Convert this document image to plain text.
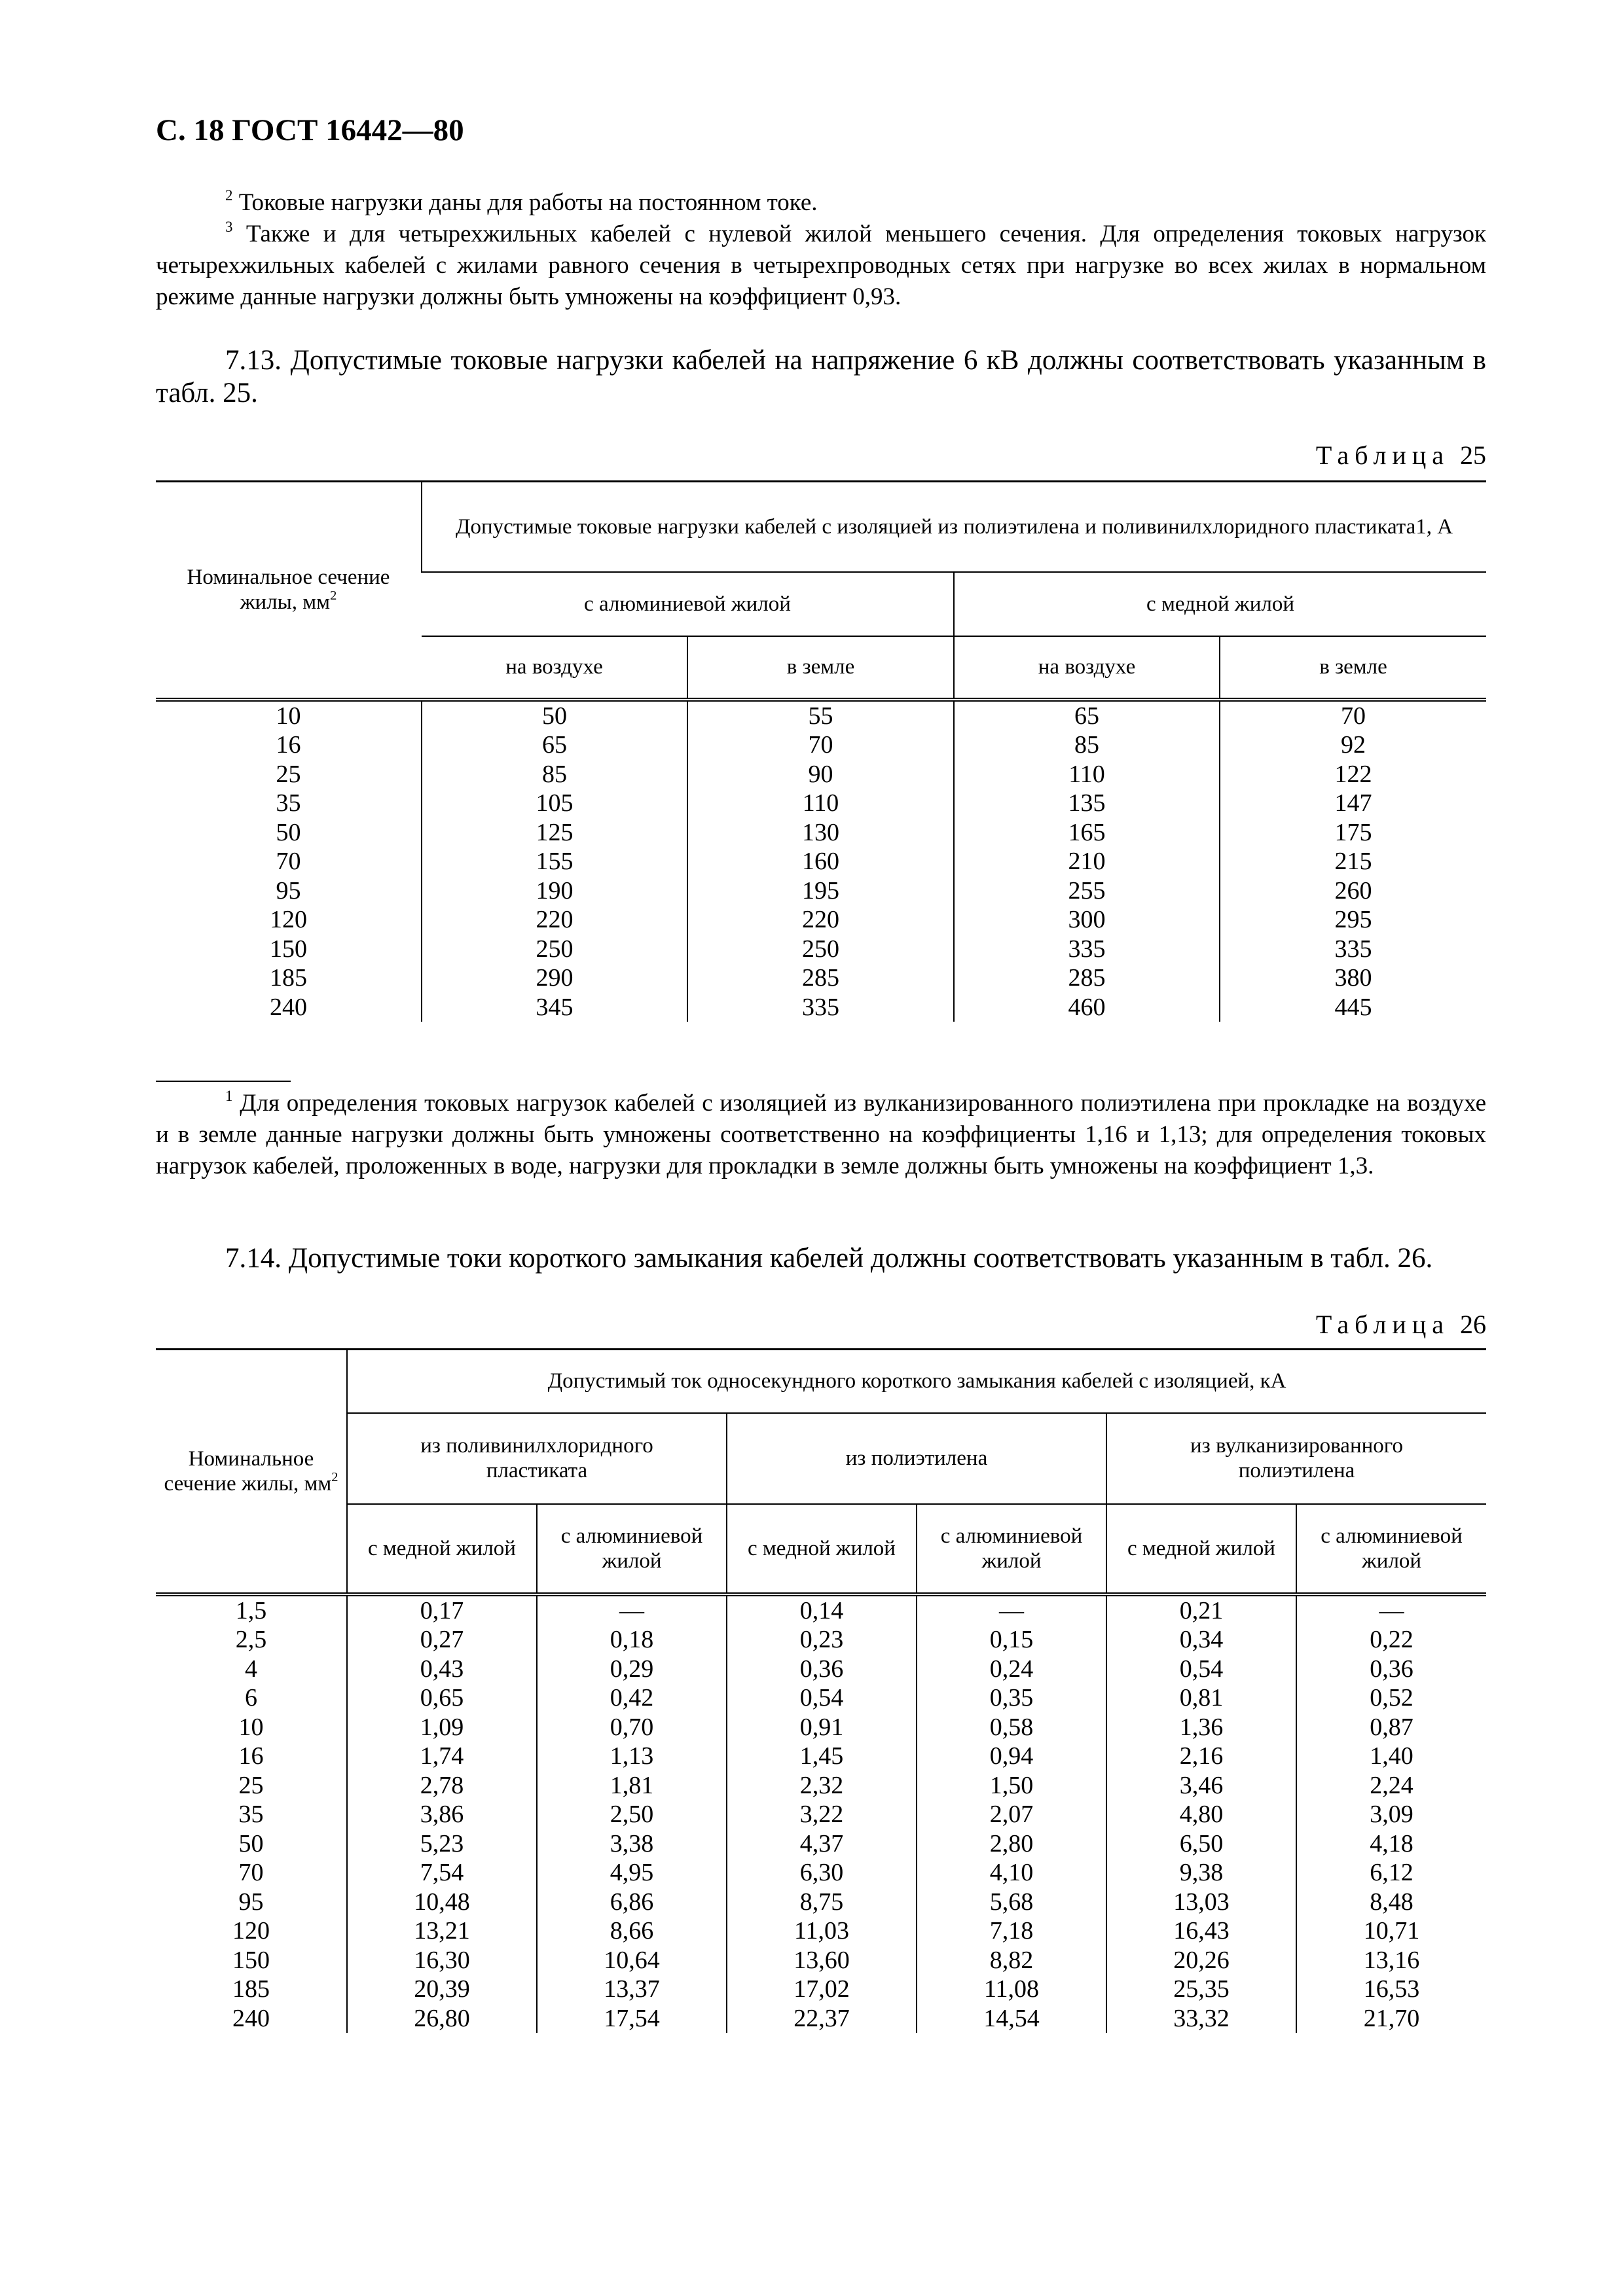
С. 18 ГОСТ 16442—80

$^2$ Токовые нагрузки даны для работы на постоянном токе.

$^3$ Также и для четырехжильных кабелей с нулевой жилой меньшего сечения. Для определения токовых нагрузок четырехжильных кабелей с жилами равного сечения в четырехпроводных сетях при нагрузке во всех жилах в нормальном режиме данные нагрузки должны быть умножены на коэффициент 0,93.

7.13. Допустимые токовые нагрузки кабелей на напряжение 6 кВ должны соответствовать указанным в табл. 25.

Таблица 25
Номинальное сечение жилы, $мм^2$	Допустимые токовые нагрузки кабелей с изоляцией из полиэтилена и поливинилхлоридного пластиката1, А			
	с алюминиевой жилой		с медной жилой	
	на воздухе	в земле	на воздухе	в земле
10	50	55	65	70
16	65	70	85	92
25	85	90	110	122
35	105	110	135	147
50	125	130	165	175
70	155	160	210	215
95	190	195	255	260
120	220	220	300	295
150	250	250	335	335
185	290	285	285	380
240	345	335	460	445

$^1$ Для определения токовых нагрузок кабелей с изоляцией из вулканизированного полиэтилена при прокладке на воздухе и в земле данные нагрузки должны быть умножены соответственно на коэффициенты 1,16 и 1,13; для определения токовых нагрузок кабелей, проложенных в воде, нагрузки для прокладки в земле должны быть умножены на коэффициент 1,3.

7.14. Допустимые токи короткого замыкания кабелей должны соответствовать указанным в табл. 26.

Таблица 26
Номинальное сечение жилы, $мм^2$	Допустимый ток односекундного короткого замыкания кабелей с изоляцией, кА					
	из поливинилхлоридного пластиката		из полиэтилена		из вулканизированного полиэтилена	
	с медной жилой	с алюминиевой жилой	с медной жилой	с алюминиевой жилой	с медной жилой	с алюминиевой жилой
1,5	0,17	—	0,14	—	0,21	—
2,5	0,27	0,18	0,23	0,15	0,34	0,22
4	0,43	0,29	0,36	0,24	0,54	0,36
6	0,65	0,42	0,54	0,35	0,81	0,52
10	1,09	0,70	0,91	0,58	1,36	0,87
16	1,74	1,13	1,45	0,94	2,16	1,40
25	2,78	1,81	2,32	1,50	3,46	2,24
35	3,86	2,50	3,22	2,07	4,80	3,09
50	5,23	3,38	4,37	2,80	6,50	4,18
70	7,54	4,95	6,30	4,10	9,38	6,12
95	10,48	6,86	8,75	5,68	13,03	8,48
120	13,21	8,66	11,03	7,18	16,43	10,71
150	16,30	10,64	13,60	8,82	20,26	13,16
185	20,39	13,37	17,02	11,08	25,35	16,53
240	26,80	17,54	22,37	14,54	33,32	21,70
